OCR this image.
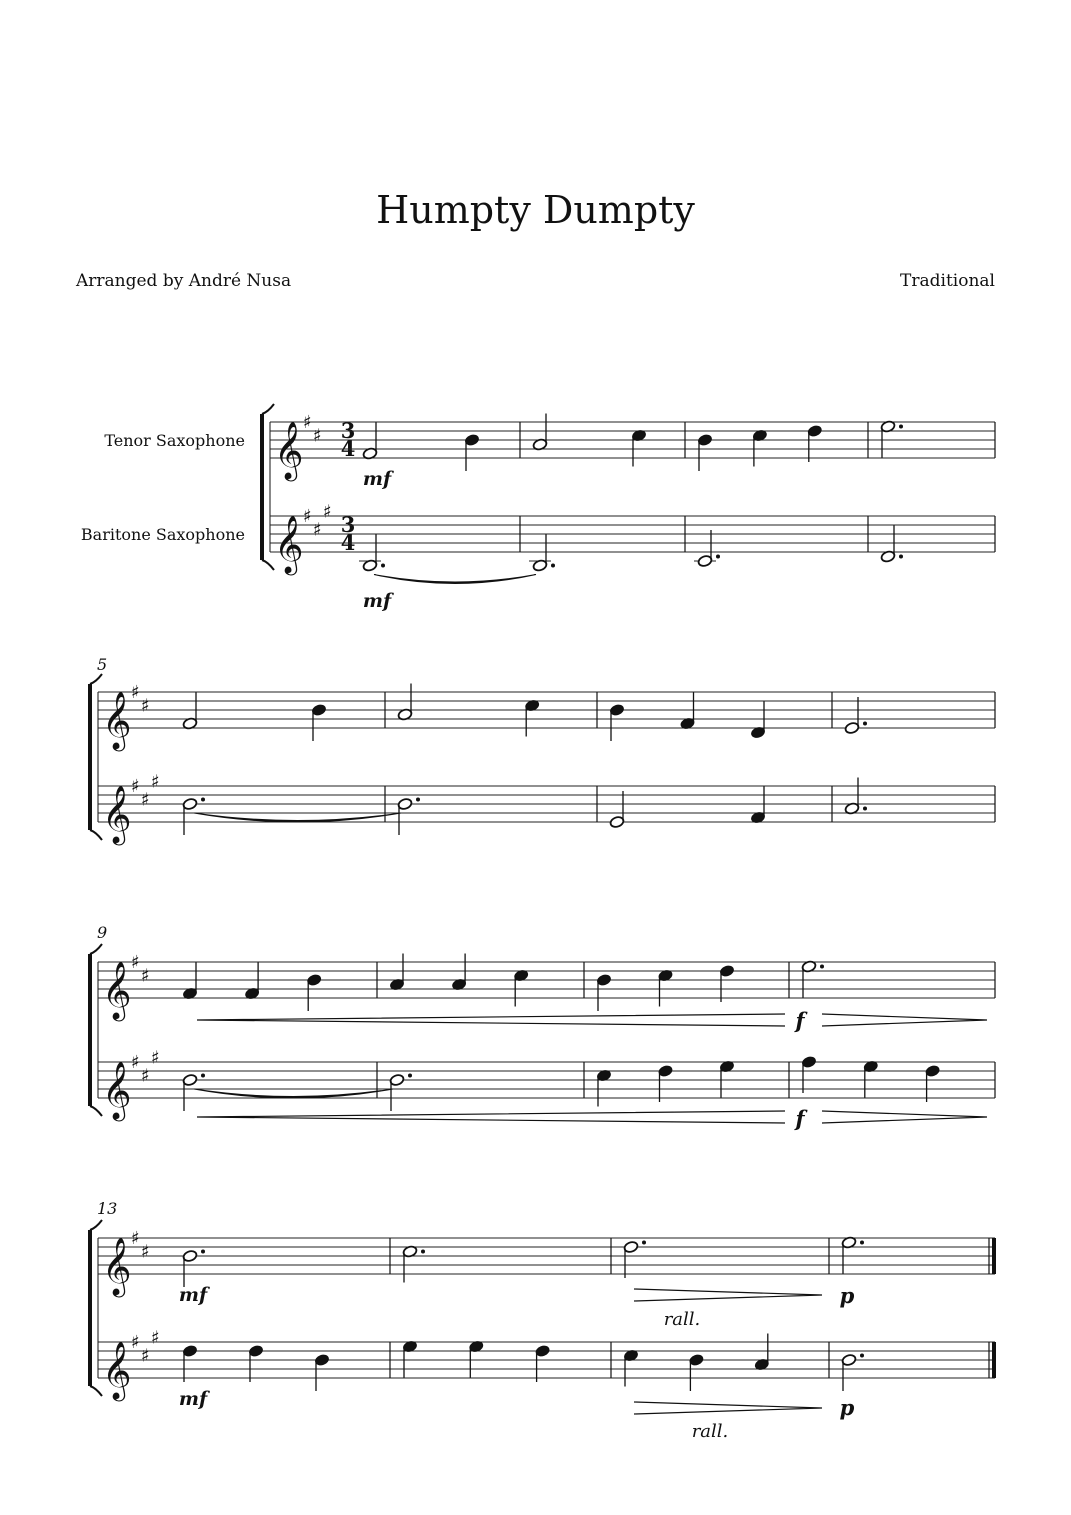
Humpty Dumpty
Arranged by André Nusa	Traditional
Tenor Saxophone
Baritone Saxophone
3
4
3
4
5
9
13
mf
mf
f
f
mf
mf
p
p
rall.
rall.
𝄞 ♯
♯
𝄞 ♯
♯
♯
𝄞 ♯
♯
𝄞 ♯
♯
♯
𝄞 ♯
♯
𝄞 ♯
♯
♯
𝄞 ♯
♯
𝄞 ♯
♯
♯
